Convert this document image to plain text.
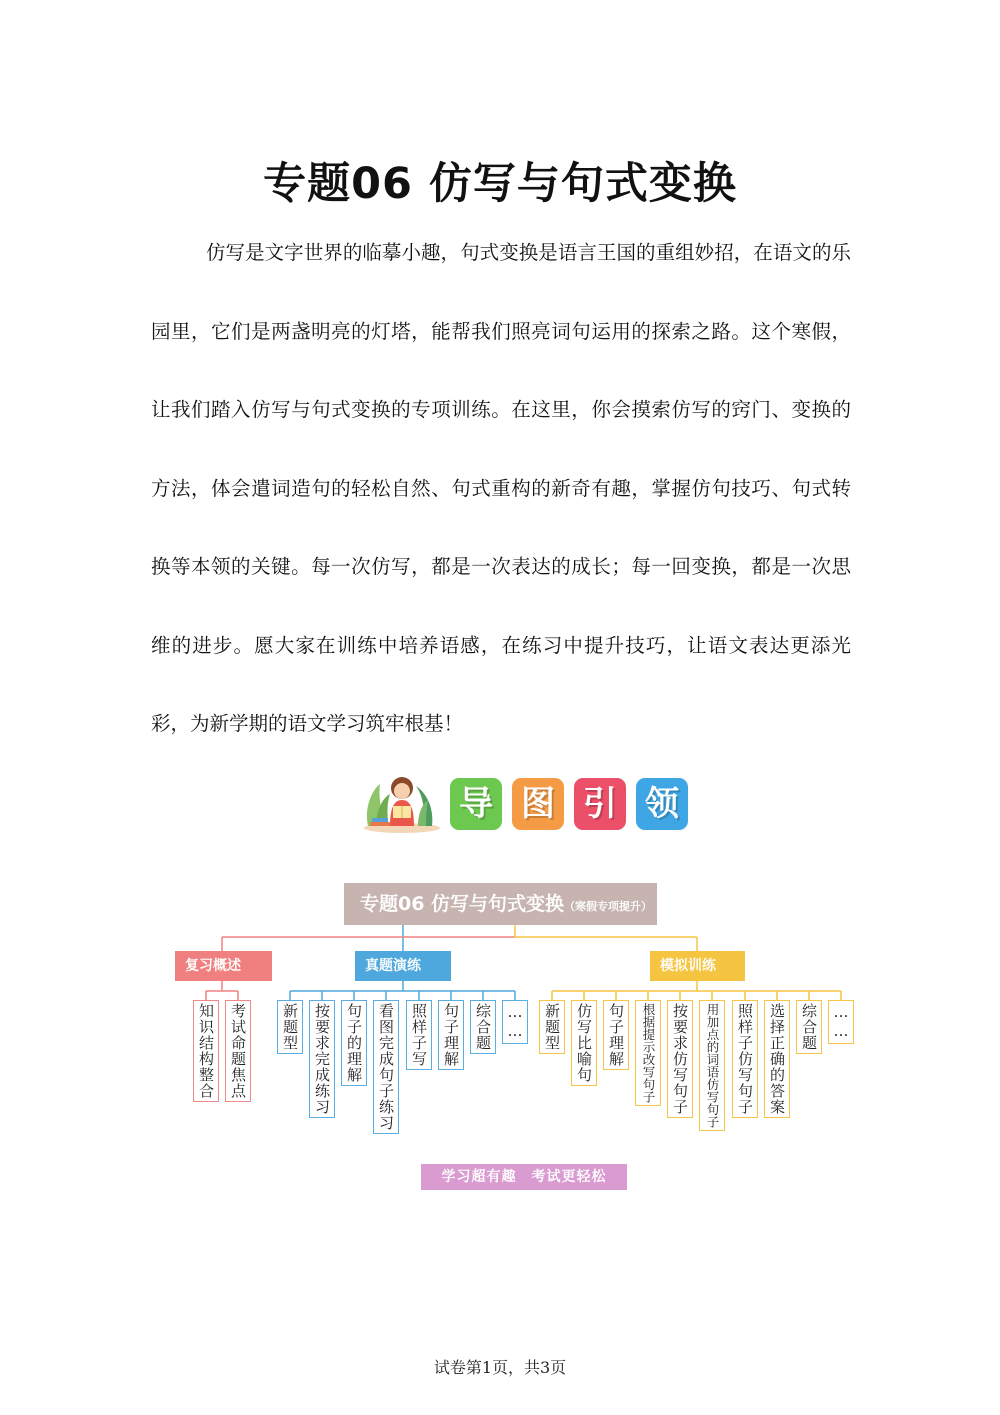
专题06 仿写与句式变换

仿写是文字世界的临摹小趣，句式变换是语言王国的重组妙招，在语文的乐园里，它们是两盏明亮的灯塔，能帮我们照亮词句运用的探索之路。这个寒假，让我们踏入仿写与句式变换的专项训练。在这里，你会摸索仿写的窍门、变换的方法，体会遣词造句的轻松自然、句式重构的新奇有趣，掌握仿句技巧、句式转换等本领的关键。每一次仿写，都是一次表达的成长；每一回变换，都是一次思维的进步。愿大家在训练中培养语感，在练习中提升技巧，让语文表达更添光彩，为新学期的语文学习筑牢根基！

导 图 引 领
专题06 仿写与句式变换（寒假专项提升）
复习概述	真题演练	模拟训练
知识结构整合 考试命题焦点 新题型 按要求完成练习 句子的理解 看图完成句子练习 照样子写 句子理解 综合题 …… 新题型 仿写比喻句 句子理解	根据提示改写句子	按要求仿写句子	用加点的词语仿写句子	照样子仿写句子 选择正确的答案 综合题 ……
学习超有趣　考试更轻松
试卷第1页，共3页
